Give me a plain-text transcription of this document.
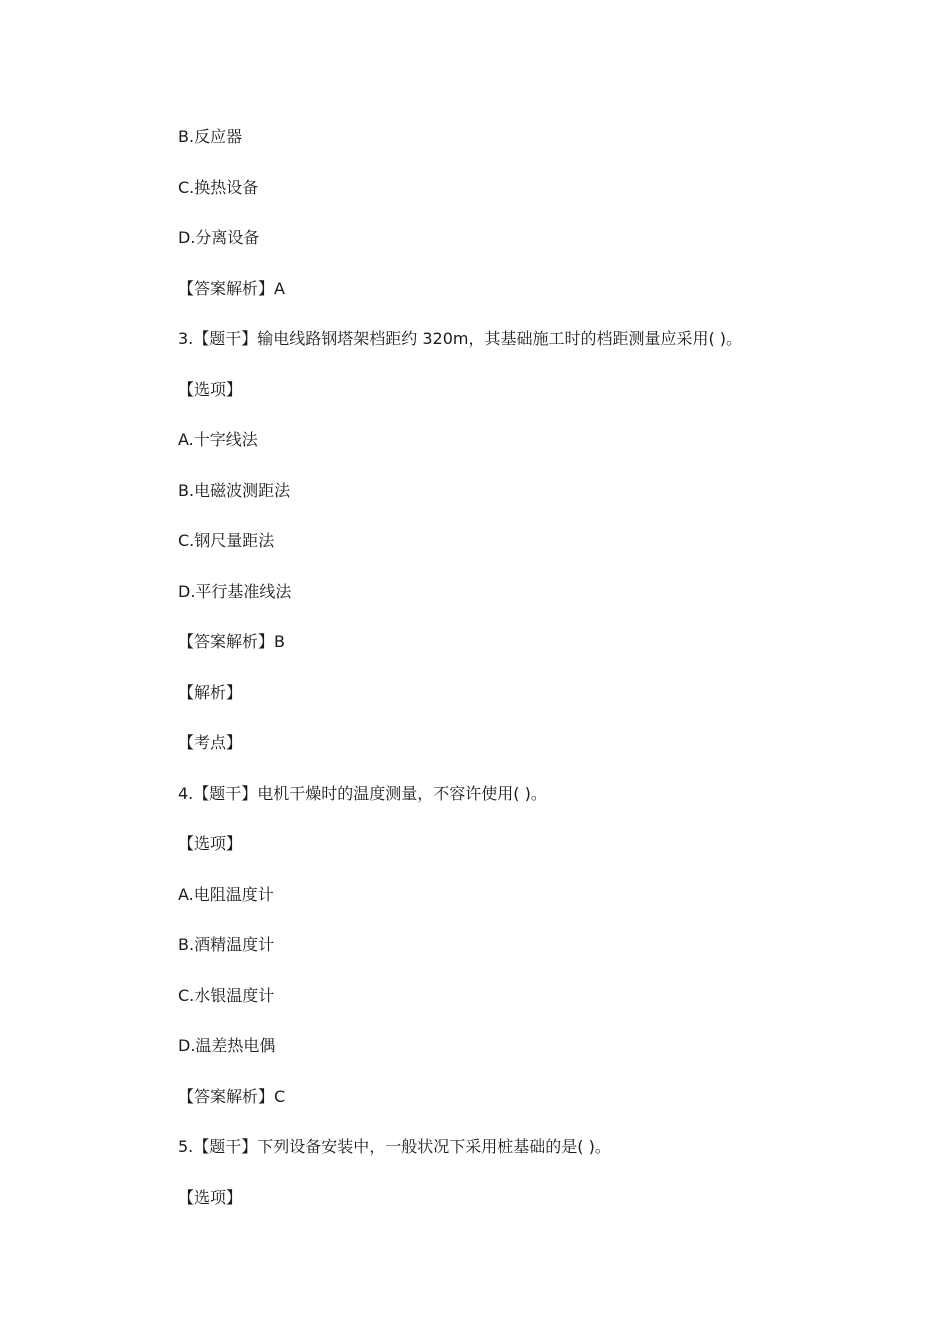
B.反应器
C.换热设备
D.分离设备
【答案解析】A
3.【题干】输电线路钢塔架档距约 320m，其基础施工时的档距测量应采用( )。
【选项】
A.十字线法
B.电磁波测距法
C.钢尺量距法
D.平行基准线法
【答案解析】B
【解析】
【考点】
4.【题干】电机干燥时的温度测量，不容许使用( )。
【选项】
A.电阻温度计
B.酒精温度计
C.水银温度计
D.温差热电偶
【答案解析】C
5.【题干】下列设备安装中，一般状况下采用桩基础的是( )。
【选项】
